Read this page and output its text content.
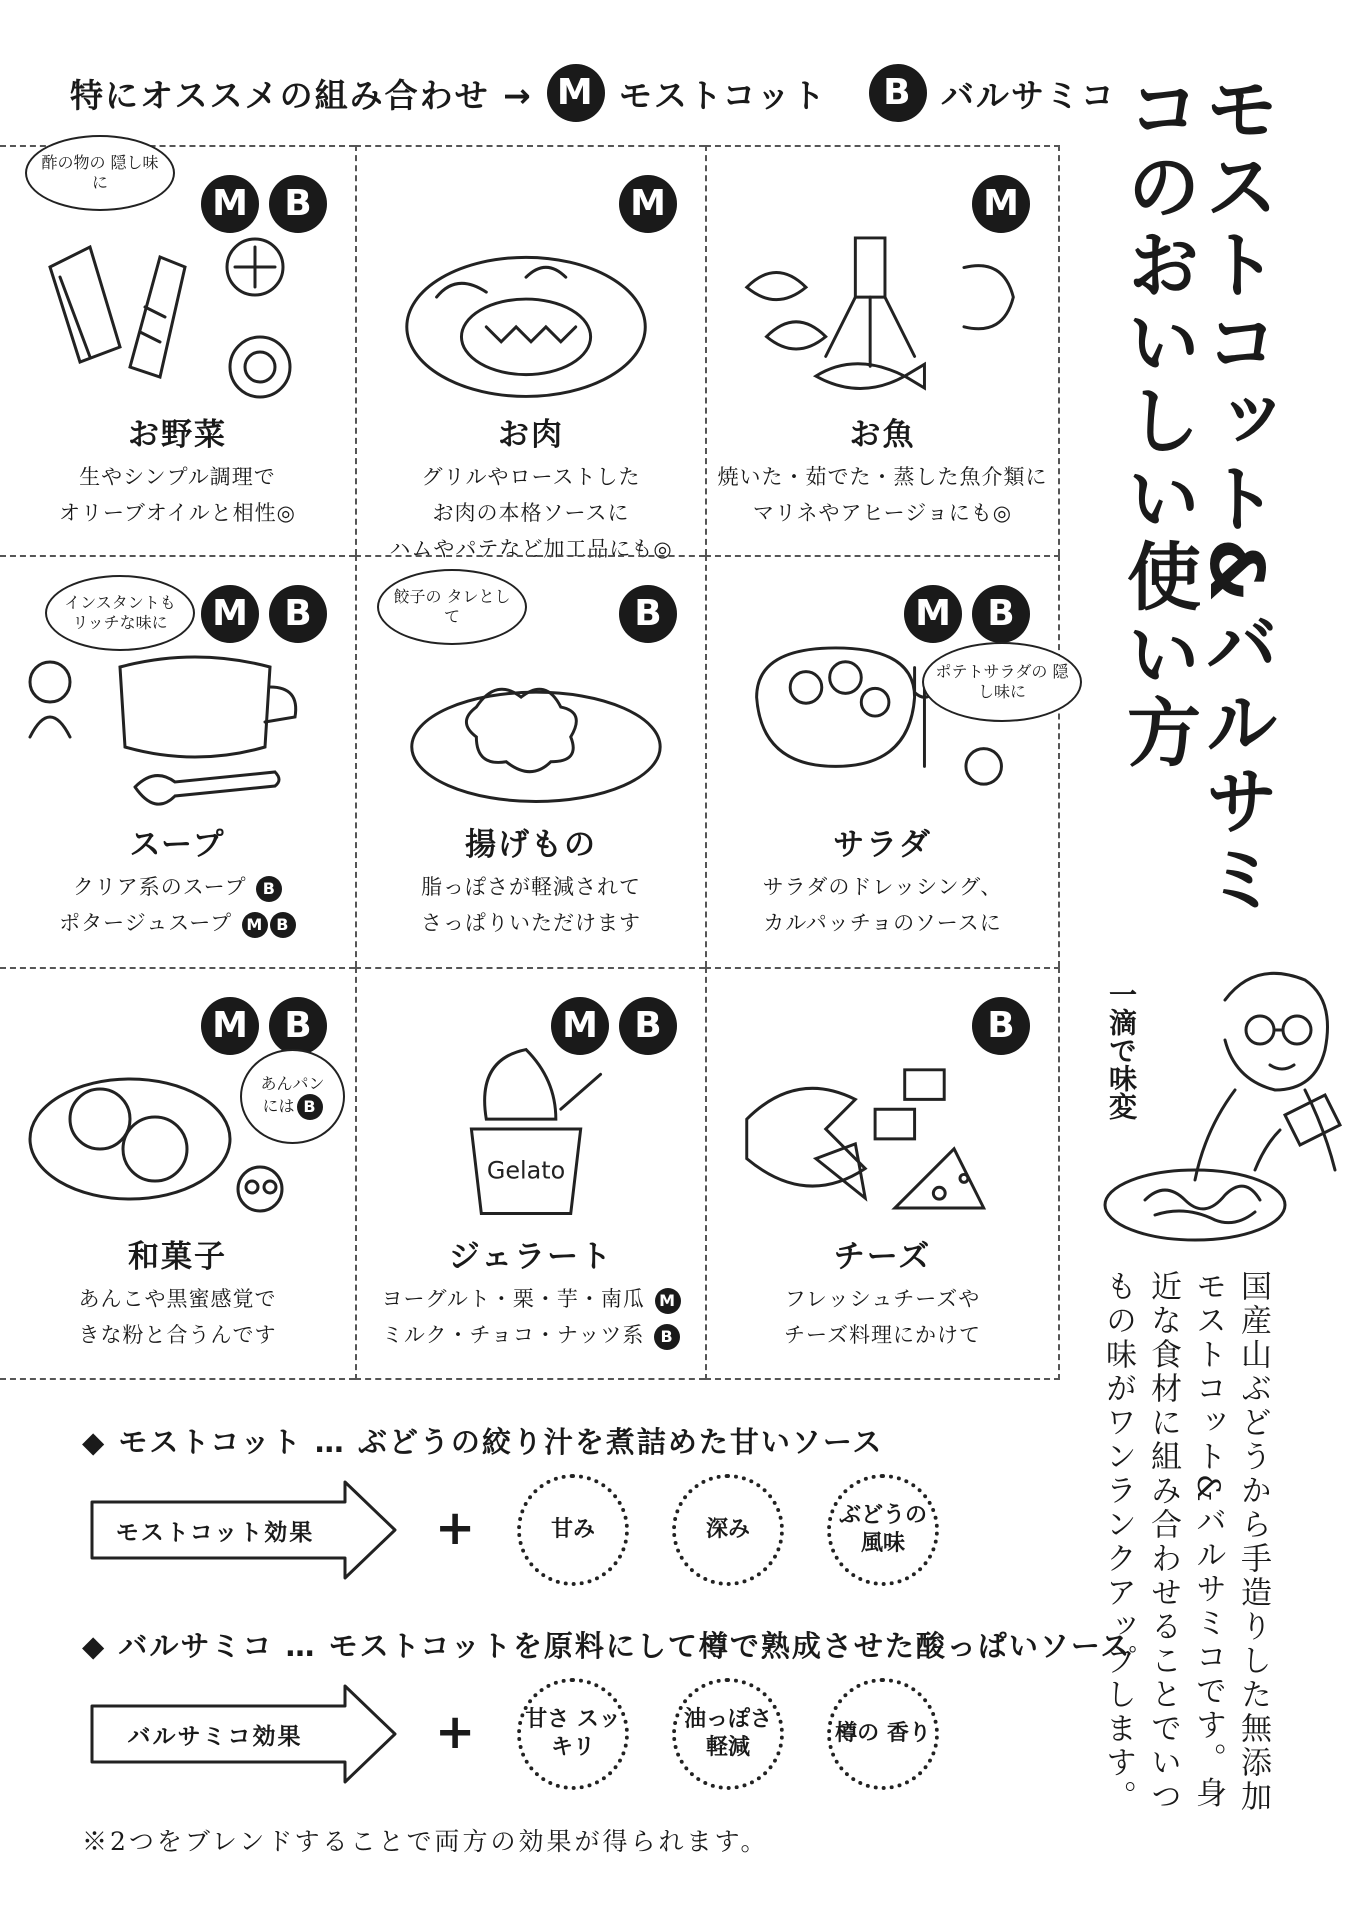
特にオススメの組み合わせ → M モストコット	B バルサミコ	モストコット&バルサミコのおいしい使い方
一滴で味変
国産山ぶどうから手造りした無添加モストコット&バルサミコです。身近な食材に組み合わせることでいつもの味がワンランクアップします。
酢の物の 隠し味に
M	B
お野菜
生やシンプル調理で
オリーブオイルと相性◎
M
お肉
グリルやローストした
お肉の本格ソースに
ハムやパテなど加工品にも◎
M
お魚
焼いた・茹でた・蒸した魚介類に
マリネやアヒージョにも◎
インスタントも リッチな味に	M	B
スープ
クリア系のスープ B
ポタージュスープ M B
餃子の タレとして	B
揚げもの
脂っぽさが軽減されて
さっぱりいただけます
ポテトサラダの 隠し味に
M	B
サラダ
サラダのドレッシング、
カルパッチョのソースに
あんパン には B
M	B
和菓子
あんこや黒蜜感覚で
きな粉と合うんです
M	B
Gelato
ジェラート
ヨーグルト・栗・芋・南瓜 M
ミルク・チョコ・ナッツ系 B
B
チーズ
フレッシュチーズや
チーズ料理にかけて
◆ モストコット … ぶどうの絞り汁を煮詰めた甘いソース
モストコット効果	+	甘み	深み
ぶどうの 風味
◆ バルサミコ … モストコットを原料にして樽で熟成させた酸っぱいソース
バルサミコ効果	+	甘さ スッキリ
油っぽさ 軽減
樽の 香り
※2つをブレンドすることで両方の効果が得られます。
